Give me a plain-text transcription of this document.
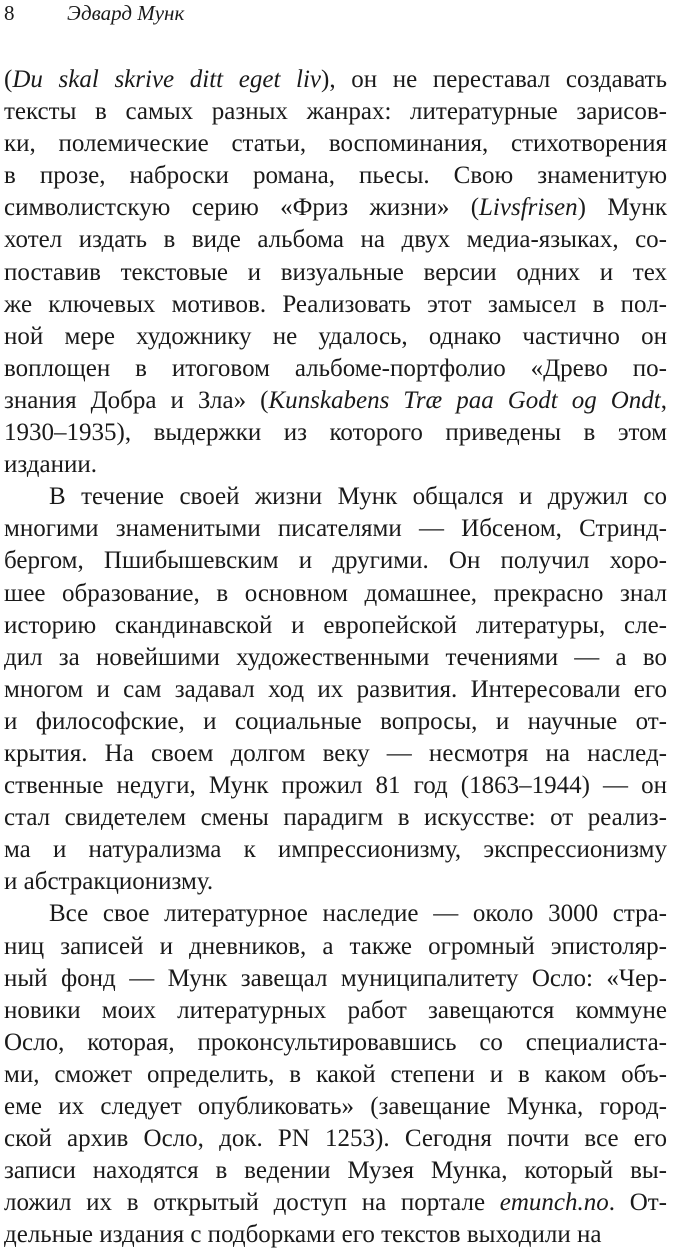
8	Эдвард Мунк
(Du skal skrive ditt eget liv), он не переставал создавать
тексты в самых разных жанрах: литературные зарисов-
ки, полемические статьи, воспоминания, стихотворения
в прозе, наброски романа, пьесы. Свою знаменитую
символистскую серию «Фриз жизни» (Livsfrisen) Мунк
хотел издать в виде альбома на двух медиа-языках, со-
поставив текстовые и визуальные версии одних и тех
же ключевых мотивов. Реализовать этот замысел в пол-
ной мере художнику не удалось, однако частично он
воплощен в итоговом альбоме-портфолио «Древо по-
знания Добра и Зла» (Kunskabens Træ paa Godt og Ondt,
1930–1935), выдержки из которого приведены в этом
издании.
В течение своей жизни Мунк общался и дружил со
многими знаменитыми писателями — Ибсеном, Стринд-
бергом, Пшибышевским и другими. Он получил хоро-
шее образование, в основном домашнее, прекрасно знал
историю скандинавской и европейской литературы, сле-
дил за новейшими художественными течениями — а во
многом и сам задавал ход их развития. Интересовали его
и философские, и социальные вопросы, и научные от-
крытия. На своем долгом веку — несмотря на наслед-
ственные недуги, Мунк прожил 81 год (1863–1944) — он
стал свидетелем смены парадигм в искусстве: от реализ-
ма и натурализма к импрессионизму, экспрессионизму
и абстракционизму.
Все свое литературное наследие — около 3000 стра-
ниц записей и дневников, а также огромный эпистоляр-
ный фонд — Мунк завещал муниципалитету Осло: «Чер-
новики моих литературных работ завещаются коммуне
Осло, которая, проконсультировавшись со специалиста-
ми, сможет определить, в какой степени и в каком объ-
еме их следует опубликовать» (завещание Мунка, город-
ской архив Осло, док. PN 1253). Сегодня почти все его
записи находятся в ведении Музея Мунка, который вы-
ложил их в открытый доступ на портале emunch.no. От-
дельные издания с подборками его текстов выходили на
